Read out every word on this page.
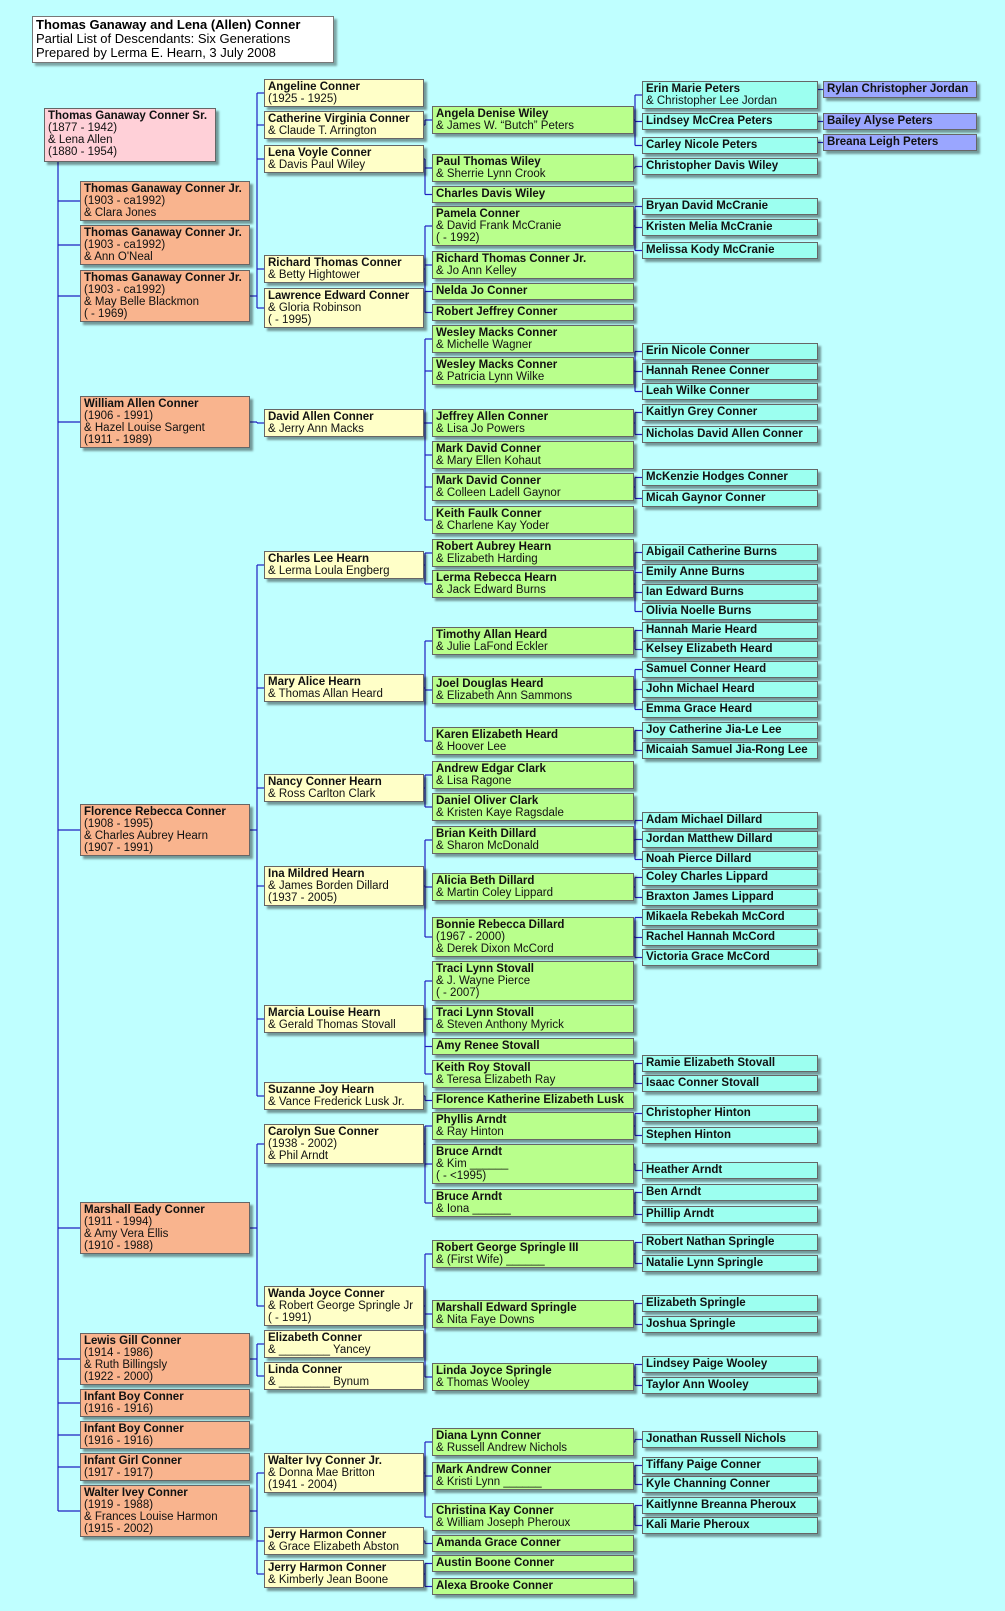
Thomas Ganaway and Lena (Allen) Conner
Partial List of Descendants: Six Generations
Prepared by Lerma E. Hearn, 3 July 2008
Thomas Ganaway Conner Sr.
(1877 - 1942)
& Lena Allen
(1880 - 1954)
Thomas Ganaway Conner Jr.
(1903 - ca1992)
& Clara Jones
Thomas Ganaway Conner Jr.
(1903 - ca1992)
& Ann O'Neal
Thomas Ganaway Conner Jr.
(1903 - ca1992)
& May Belle Blackmon
( - 1969)
William Allen Conner
(1906 - 1991)
& Hazel Louise Sargent
(1911 - 1989)
Florence Rebecca Conner
(1908 - 1995)
& Charles Aubrey Hearn
(1907 - 1991)
Marshall Eady Conner
(1911 - 1994)
& Amy Vera Ellis
(1910 - 1988)
Lewis Gill Conner
(1914 - 1986)
& Ruth Billingsly
(1922 - 2000)
Infant Boy Conner
(1916 - 1916)
Infant Boy Conner
(1916 - 1916)
Infant Girl Conner
(1917 - 1917)
Walter Ivey Conner
(1919 - 1988)
& Frances Louise Harmon
(1915 - 2002)
Angeline Conner
(1925 - 1925)
Catherine Virginia Conner
& Claude T. Arrington
Lena Voyle Conner
& Davis Paul Wiley
Richard Thomas Conner
& Betty Hightower
Lawrence Edward Conner
& Gloria Robinson
( - 1995)
David Allen Conner
& Jerry Ann Macks
Charles Lee Hearn
& Lerma Loula Engberg
Mary Alice Hearn
& Thomas Allan Heard
Nancy Conner Hearn
& Ross Carlton Clark
Ina Mildred Hearn
& James Borden Dillard
(1937 - 2005)
Marcia Louise Hearn
& Gerald Thomas Stovall
Suzanne Joy Hearn
& Vance Frederick Lusk Jr.
Carolyn Sue Conner
(1938 - 2002)
& Phil Arndt
Wanda Joyce Conner
& Robert George Springle Jr
( - 1991)
Elizabeth Conner
& ________ Yancey
Linda Conner
& ________ Bynum
Walter Ivy Conner Jr.
& Donna Mae Britton
(1941 - 2004)
Jerry Harmon Conner
& Grace Elizabeth Abston
Jerry Harmon Conner
& Kimberly Jean Boone
Angela Denise Wiley
& James W. “Butch” Peters
Paul Thomas Wiley
& Sherrie Lynn Crook
Charles Davis Wiley
Pamela Conner
& David Frank McCranie
( - 1992)
Richard Thomas Conner Jr.
& Jo Ann Kelley
Nelda Jo Conner
Robert Jeffrey Conner
Wesley Macks Conner
& Michelle Wagner
Wesley Macks Conner
& Patricia Lynn Wilke
Jeffrey Allen Conner
& Lisa Jo Powers
Mark David Conner
& Mary Ellen Kohaut
Mark David Conner
& Colleen Ladell Gaynor
Keith Faulk Conner
& Charlene Kay Yoder
Robert Aubrey Hearn
& Elizabeth Harding
Lerma Rebecca Hearn
& Jack Edward Burns
Timothy Allan Heard
& Julie LaFond Eckler
Joel Douglas Heard
& Elizabeth Ann Sammons
Karen Elizabeth Heard
& Hoover Lee
Andrew Edgar Clark
& Lisa Ragone
Daniel Oliver Clark
& Kristen Kaye Ragsdale
Brian Keith Dillard
& Sharon McDonald
Alicia Beth Dillard
& Martin Coley Lippard
Bonnie Rebecca Dillard
(1967 - 2000)
& Derek Dixon McCord
Traci Lynn Stovall
& J. Wayne Pierce
( - 2007)
Traci Lynn Stovall
& Steven Anthony Myrick
Amy Renee Stovall
Keith Roy Stovall
& Teresa Elizabeth Ray
Florence Katherine Elizabeth Lusk
Phyllis Arndt
& Ray Hinton
Bruce Arndt
& Kim ______
( - <1995)
Bruce Arndt
& Iona ______
Robert George Springle III
& (First Wife) ______
Marshall Edward Springle
& Nita Faye Downs
Linda Joyce Springle
& Thomas Wooley
Diana Lynn Conner
& Russell Andrew Nichols
Mark Andrew Conner
& Kristi Lynn ______
Christina Kay Conner
& William Joseph Pheroux
Amanda Grace Conner
Austin Boone Conner
Alexa Brooke Conner
Erin Marie Peters
& Christopher Lee Jordan
Lindsey McCrea Peters
Carley Nicole Peters
Christopher Davis Wiley
Bryan David McCranie
Kristen Melia McCranie
Melissa Kody McCranie
Erin Nicole Conner
Hannah Renee Conner
Leah Wilke Conner
Kaitlyn Grey Conner
Nicholas David Allen Conner
McKenzie Hodges Conner
Micah Gaynor Conner
Abigail Catherine Burns
Emily Anne Burns
Ian Edward Burns
Olivia Noelle Burns
Hannah Marie Heard
Kelsey Elizabeth Heard
Samuel Conner Heard
John Michael Heard
Emma Grace Heard
Joy Catherine Jia-Le Lee
Micaiah Samuel Jia-Rong Lee
Adam Michael Dillard
Jordan Matthew Dillard
Noah Pierce Dillard
Coley Charles Lippard
Braxton James Lippard
Mikaela Rebekah McCord
Rachel Hannah McCord
Victoria Grace McCord
Ramie Elizabeth Stovall
Isaac Conner Stovall
Christopher Hinton
Stephen Hinton
Heather Arndt
Ben Arndt
Phillip Arndt
Robert Nathan Springle
Natalie Lynn Springle
Elizabeth Springle
Joshua Springle
Lindsey Paige Wooley
Taylor Ann Wooley
Jonathan Russell Nichols
Tiffany Paige Conner
Kyle Channing Conner
Kaitlynne Breanna Pheroux
Kali Marie Pheroux
Rylan Christopher Jordan
Bailey Alyse Peters
Breana Leigh Peters
